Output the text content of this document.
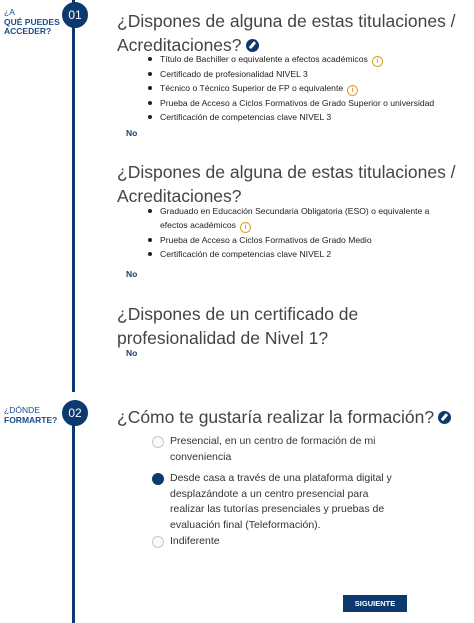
¿A
QUÉ PUEDES ACCEDER?
¿DÓNDE
FORMARTE?
01
02
¿Dispones de alguna de estas titulaciones / Acreditaciones?
Título de Bachiller o equivalente a efectos académicos i
Certificado de profesionalidad NIVEL 3
Técnico o Técnico Superior de FP o equivalente i
Prueba de Acceso a Ciclos Formativos de Grado Superior o universidad
Certificación de competencias clave NIVEL 3
No
¿Dispones de alguna de estas titulaciones / Acreditaciones?
Graduado en Educación Secundaria Obligatoria (ESO) o equivalente a efectos académicos i
Prueba de Acceso a Ciclos Formativos de Grado Medio
Certificación de competencias clave NIVEL 2
No
¿Dispones de un certificado de profesionalidad de Nivel 1?
No
¿Cómo te gustaría realizar la formación?
Presencial, en un centro de formación de mi conveniencia
Desde casa a través de una plataforma digital y desplazándote a un centro presencial para realizar las tutorías presenciales y pruebas de evaluación final (Teleformación).
Indiferente
SIGUIENTE
